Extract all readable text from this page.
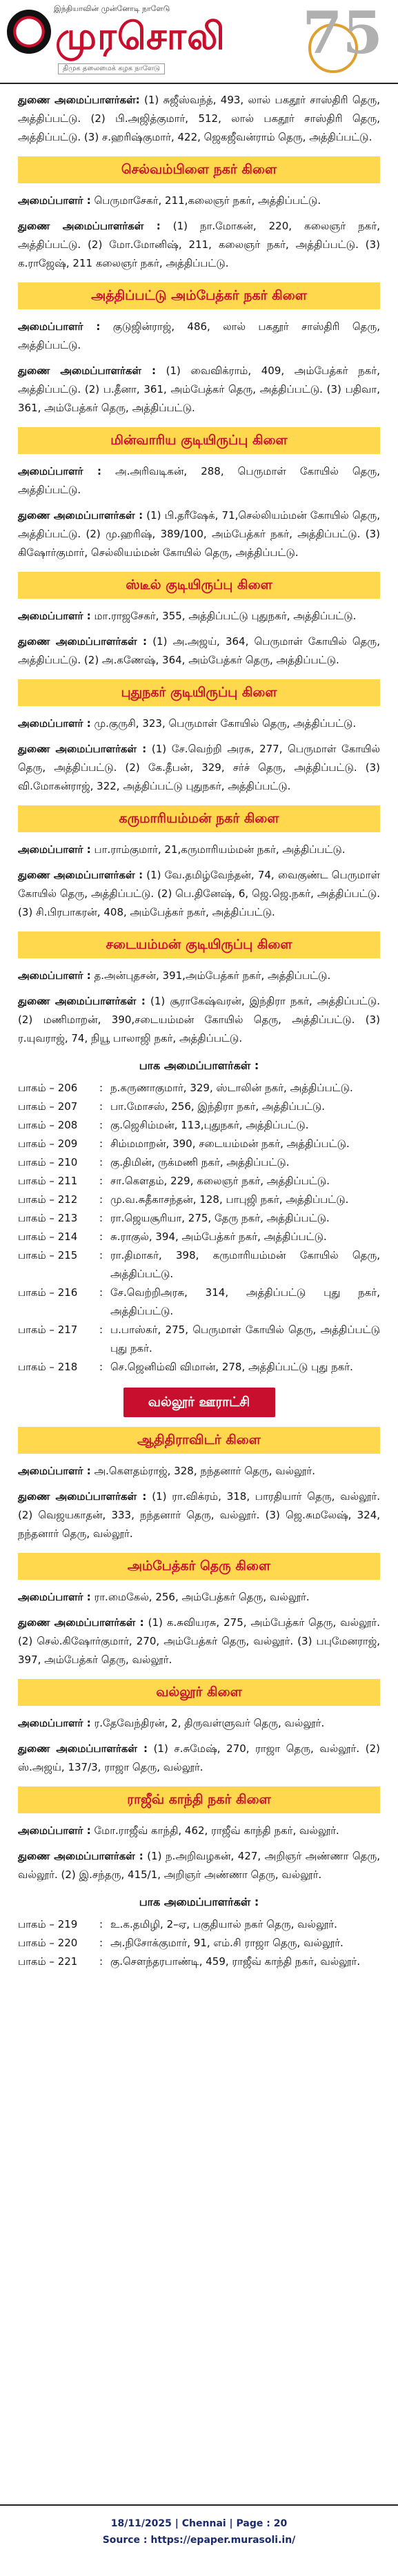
இந்தியாவின் முன்னோடி நாளேடு
முரசொலி
திமுக தலைமைக் கழக நாளேடு
75

துணை அமைப்பாளர்கள்: (1) சுஜீஸ்வந்த், 493, லால் பகதூர் சாஸ்திரி தெரு, அத்திப்பட்டு. (2) பி.அஜித்குமார், 512, லால் பகதூர் சாஸ்திரி தெரு, அத்திப்பட்டு. (3) ச.ஹரிஷ்குமார், 422, ஜெகஜீவன்ராம் தெரு, அத்திப்பட்டு.

செல்வம்பிளை நகர் கிளை

அமைப்பாளர் : பெருமாசேகர், 211,கலைஞர் நகர், அத்திப்பட்டு.

துணை அமைப்பாளர்கள் : (1) நா.மோகன், 220, கலைஞர் நகர், அத்திப்பட்டு. (2) மோ.மோனிஷ், 211, கலைஞர் நகர், அத்திப்பட்டு. (3) க.ராஜேஷ், 211 கலைஞர் நகர், அத்திப்பட்டு.

அத்திப்பட்டு அம்பேத்கர் நகர் கிளை

அமைப்பாளர் : குடுஜின்ராஜ், 486, லால் பகதூர் சாஸ்திரி தெரு, அத்திப்பட்டு.

துணை அமைப்பாளர்கள் : (1) வைவிக்ராம், 409, அம்பேத்கர் நகர், அத்திப்பட்டு. (2) ப.தீனா, 361, அம்பேத்கர் தெரு, அத்திப்பட்டு. (3) பதிவா, 361, அம்பேத்கர் தெரு, அத்திப்பட்டு.

மின்வாரிய குடியிருப்பு கிளை

அமைப்பாளர் : அ.அரிவடிகன், 288, பெருமாள் கோயில் தெரு, அத்திப்பட்டு.

துணை அமைப்பாளர்கள் : (1) பி.தரீஷேக், 71,செல்லியம்மன் கோயில் தெரு, அத்திப்பட்டு. (2) மு.ஹரிஷ், 389/100, அம்பேத்கர் நகர், அத்திப்பட்டு. (3) கிஷோர்குமார், செல்லியம்மன் கோயில் தெரு, அத்திப்பட்டு.

ஸ்டீல் குடியிருப்பு கிளை

அமைப்பாளர் : மா.ராஜசேகர், 355, அத்திப்பட்டு புதுநகர், அத்திப்பட்டு.

துணை அமைப்பாளர்கள் : (1) அ.அஜய், 364, பெருமாள் கோயில் தெரு, அத்திப்பட்டு. (2) அ.கணேஷ், 364, அம்பேத்கர் தெரு, அத்திப்பட்டு.

புதுநகர் குடியிருப்பு கிளை

அமைப்பாளர் : மு.குருசி, 323, பெருமாள் கோயில் தெரு, அத்திப்பட்டு.

துணை அமைப்பாளர்கள் : (1) சே.வெற்றி அரசு, 277, பெருமாள் கோயில் தெரு, அத்திப்பட்டு. (2) கே.தீபன், 329, சர்ச் தெரு, அத்திப்பட்டு. (3) வி.மோகன்ராஜ், 322, அத்திப்பட்டு புதுநகர், அத்திப்பட்டு.

கருமாரியம்மன் நகர் கிளை

அமைப்பாளர் : பா.ராம்குமார், 21,கருமாரியம்மன் நகர், அத்திப்பட்டு.

துணை அமைப்பாளர்கள் : (1) வே.தமிழ்வேந்தன், 74, வைகுண்ட பெருமாள் கோயில் தெரு, அத்திப்பட்டு. (2) பெ.தினேஷ், 6, ஜெ.ஜெ.நகர், அத்திப்பட்டு. (3) சி.பிரபாகரன், 408, அம்பேத்கர் நகர், அத்திப்பட்டு.

சடையம்மன் குடியிருப்பு கிளை

அமைப்பாளர் : த.அன்புதசன், 391,அம்பேத்கர் நகர், அத்திப்பட்டு.

துணை அமைப்பாளர்கள் : (1) சூராகேஷ்வரன், இந்திரா நகர், அத்திப்பட்டு. (2) மணிமாறன், 390,சடையம்மன் கோயில் தெரு, அத்திப்பட்டு. (3) ர.யுவராஜ், 74, நியூ பாலாஜி நகர், அத்திப்பட்டு.

பாக அமைப்பாளர்கள் :
பாகம் – 206	: ந.கருணாகுமார், 329, ஸ்டாலின் நகர், அத்திப்பட்டு.
பாகம் – 207	: பா.மோசஸ், 256, இந்திரா நகர், அத்திப்பட்டு.
பாகம் – 208	: கு.ஜெசிம்மன், 113,புதுநகர், அத்திப்பட்டு.
பாகம் – 209	: சிம்மமாறன், 390, சடையம்மன் நகர், அத்திப்பட்டு.
பாகம் – 210	: கு.திமின், ருக்மணி நகர், அத்திப்பட்டு.
பாகம் – 211	: சா.கௌதம், 229, கலைஞர் நகர், அத்திப்பட்டு.
பாகம் – 212	: மு.வ.சுதீகாசந்தன், 128, பாபுஜி நகர், அத்திப்பட்டு.
பாகம் – 213	: ரா.ஜெயசூரியா, 275, தேரு நகர், அத்திப்பட்டு.
பாகம் – 214	: சு.ராகுல், 394, அம்பேத்கர் நகர், அத்திப்பட்டு.
பாகம் – 215	: ரா.திமாகர், 398, கருமாரியம்மன் கோயில் தெரு, அத்திப்பட்டு.
பாகம் – 216	: சே.வெற்றிஅரசு, 314, அத்திப்பட்டு புது நகர், அத்திப்பட்டு.
பாகம் – 217	: ப.பாஸ்கர், 275, பெருமாள் கோயில் தெரு, அத்திப்பட்டு புது நகர்.
பாகம் – 218	: செ.ஜெனிம்வி விமான், 278, அத்திப்பட்டு புது நகர்.
வல்லூர் ஊராட்சி
ஆதிதிராவிடர் கிளை

அமைப்பாளர் : அ.கௌதம்ராஜ், 328, நந்தனார் தெரு, வல்லூர்.

துணை அமைப்பாளர்கள் : (1) ரா.விக்ரம், 318, பாரதியார் தெரு, வல்லூர். (2) வெஜயகாதன், 333, நந்தனார் தெரு, வல்லூர். (3) ஜெ.சுமலேஷ், 324, நந்தனார் தெரு, வல்லூர்.

அம்பேத்கர் தெரு கிளை

அமைப்பாளர் : ரா.மைகேல், 256, அம்பேத்கர் தெரு, வல்லூர்.

துணை அமைப்பாளர்கள் : (1) க.சுவியரசு, 275, அம்பேத்கர் தெரு, வல்லூர். (2) செல்.கிஷோர்குமார், 270, அம்பேத்கர் தெரு, வல்லூர். (3) பபுமேனராஜ், 397, அம்பேத்கர் தெரு, வல்லூர்.

வல்லூர் கிளை

அமைப்பாளர் : ர.தேவேந்திரன், 2, திருவள்ளுவர் தெரு, வல்லூர்.

துணை அமைப்பாளர்கள் : (1) ச.சுமேஷ், 270, ராஜா தெரு, வல்லூர். (2) ஸ்.அஜய், 137/3, ராஜா தெரு, வல்லூர்.

ராஜீவ் காந்தி நகர் கிளை

அமைப்பாளர் : மோ.ராஜீவ் காந்தி, 462, ராஜீவ் காந்தி நகர், வல்லூர்.

துணை அமைப்பாளர்கள் : (1) ந.அறிவழகன், 427, அறிஞர் அண்ணா தெரு, வல்லூர். (2) இ.சந்தரு, 415/1, அறிஞர் அண்ணா தெரு, வல்லூர்.

பாக அமைப்பாளர்கள் :
பாகம் – 219	: உ.க.தமிழி, 2–ஏ, பகுதியால் நகர் தெரு, வல்லூர்.
பாகம் – 220	: அ.நிசோக்குமார், 91, எம்.சி ராஜா தெரு, வல்லூர்.
பாகம் – 221	: கு.செளந்தரபாண்டி, 459, ராஜீவ் காந்தி நகர், வல்லூர்.
18/11/2025 | Chennai | Page : 20
Source : https://epaper.murasoli.in/
